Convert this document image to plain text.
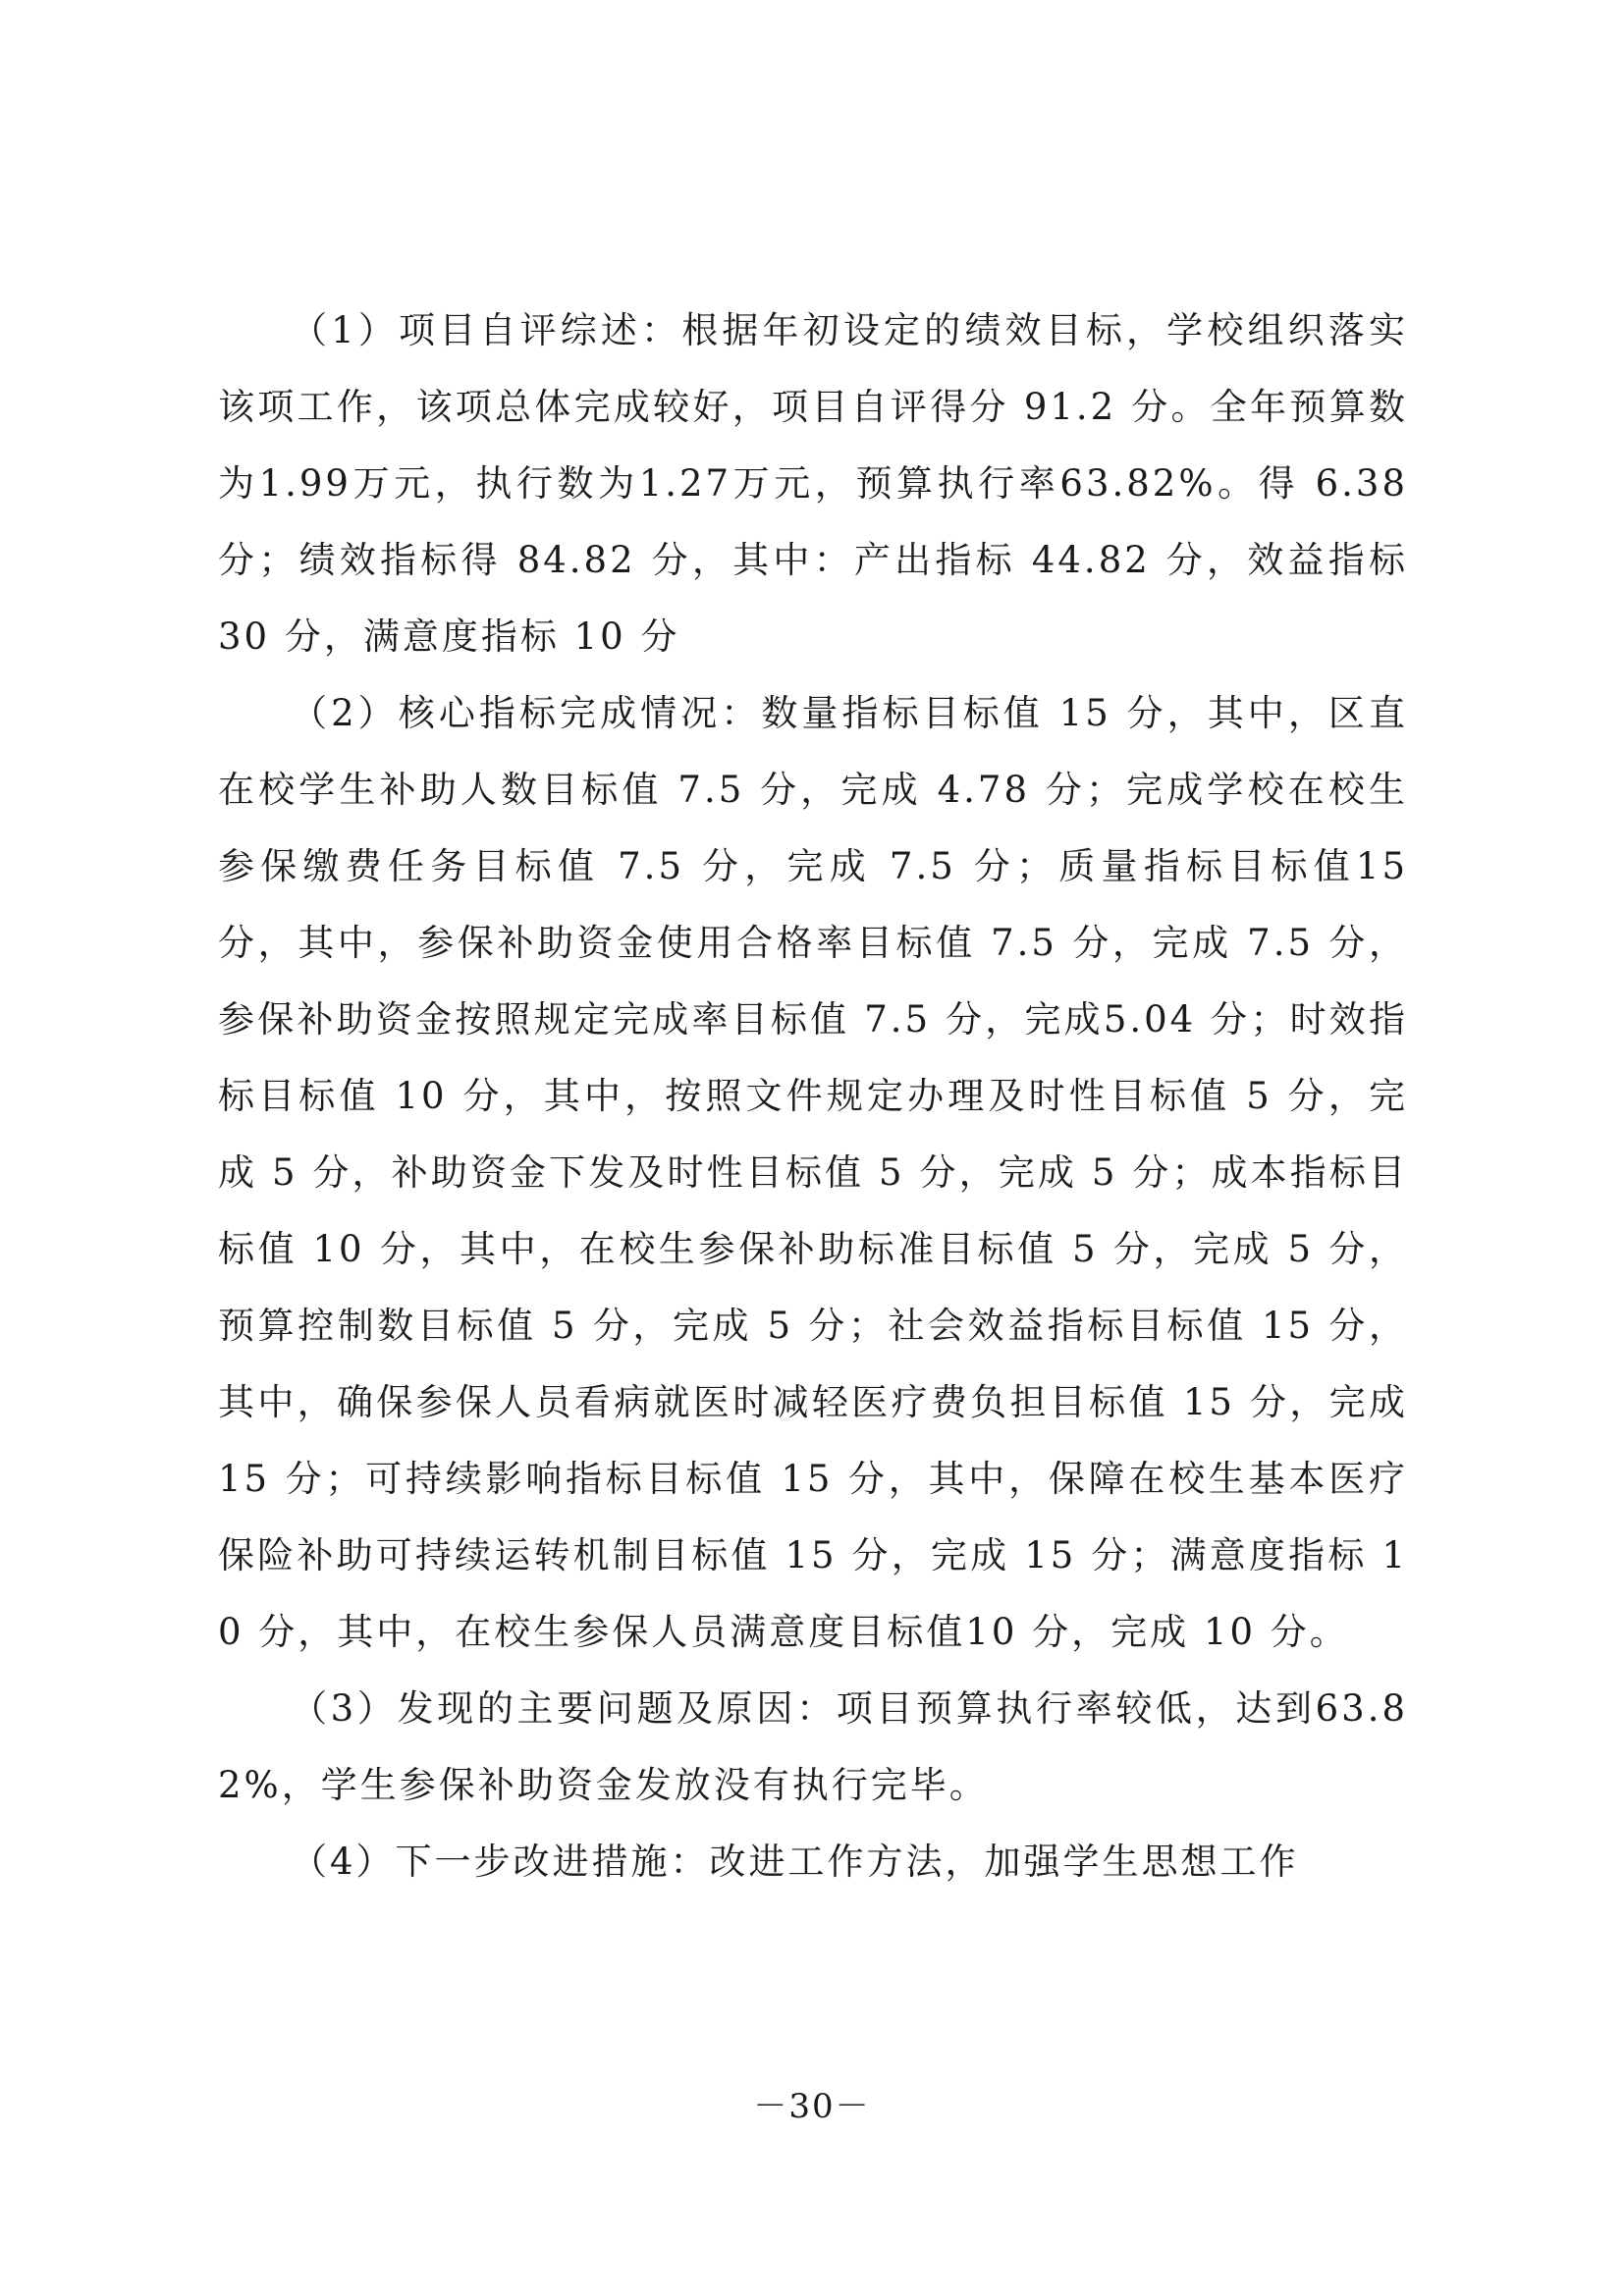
（1）项目自评综述：根据年初设定的绩效目标，学校组织落实该项工作，该项总体完成较好，项目自评得分 91.2 分。全年预算数为1.99万元，执行数为1.27万元，预算执行率63.82%。得 6.38 分；绩效指标得 84.82 分，其中：产出指标 44.82 分，效益指标 30 分，满意度指标 10 分

（2）核心指标完成情况：数量指标目标值 15 分，其中，区直在校学生补助人数目标值 7.5 分，完成 4.78 分；完成学校在校生参保缴费任务目标值 7.5 分，完成 7.5 分；质量指标目标值15 分，其中，参保补助资金使用合格率目标值 7.5 分，完成 7.5 分，参保补助资金按照规定完成率目标值 7.5 分，完成5.04 分；时效指标目标值 10 分，其中，按照文件规定办理及时性目标值 5 分，完成 5 分，补助资金下发及时性目标值 5 分，完成 5 分；成本指标目标值 10 分，其中，在校生参保补助标准目标值 5 分，完成 5 分，预算控制数目标值 5 分，完成 5 分；社会效益指标目标值 15 分，其中，确保参保人员看病就医时减轻医疗费负担目标值 15 分，完成 15 分；可持续影响指标目标值 15 分，其中，保障在校生基本医疗保险补助可持续运转机制目标值 15 分，完成 15 分；满意度指标 10 分，其中，在校生参保人员满意度目标值10 分，完成 10 分。

（3）发现的主要问题及原因：项目预算执行率较低，达到63.82%，学生参保补助资金发放没有执行完毕。

（4）下一步改进措施：改进工作方法，加强学生思想工作

－30－
